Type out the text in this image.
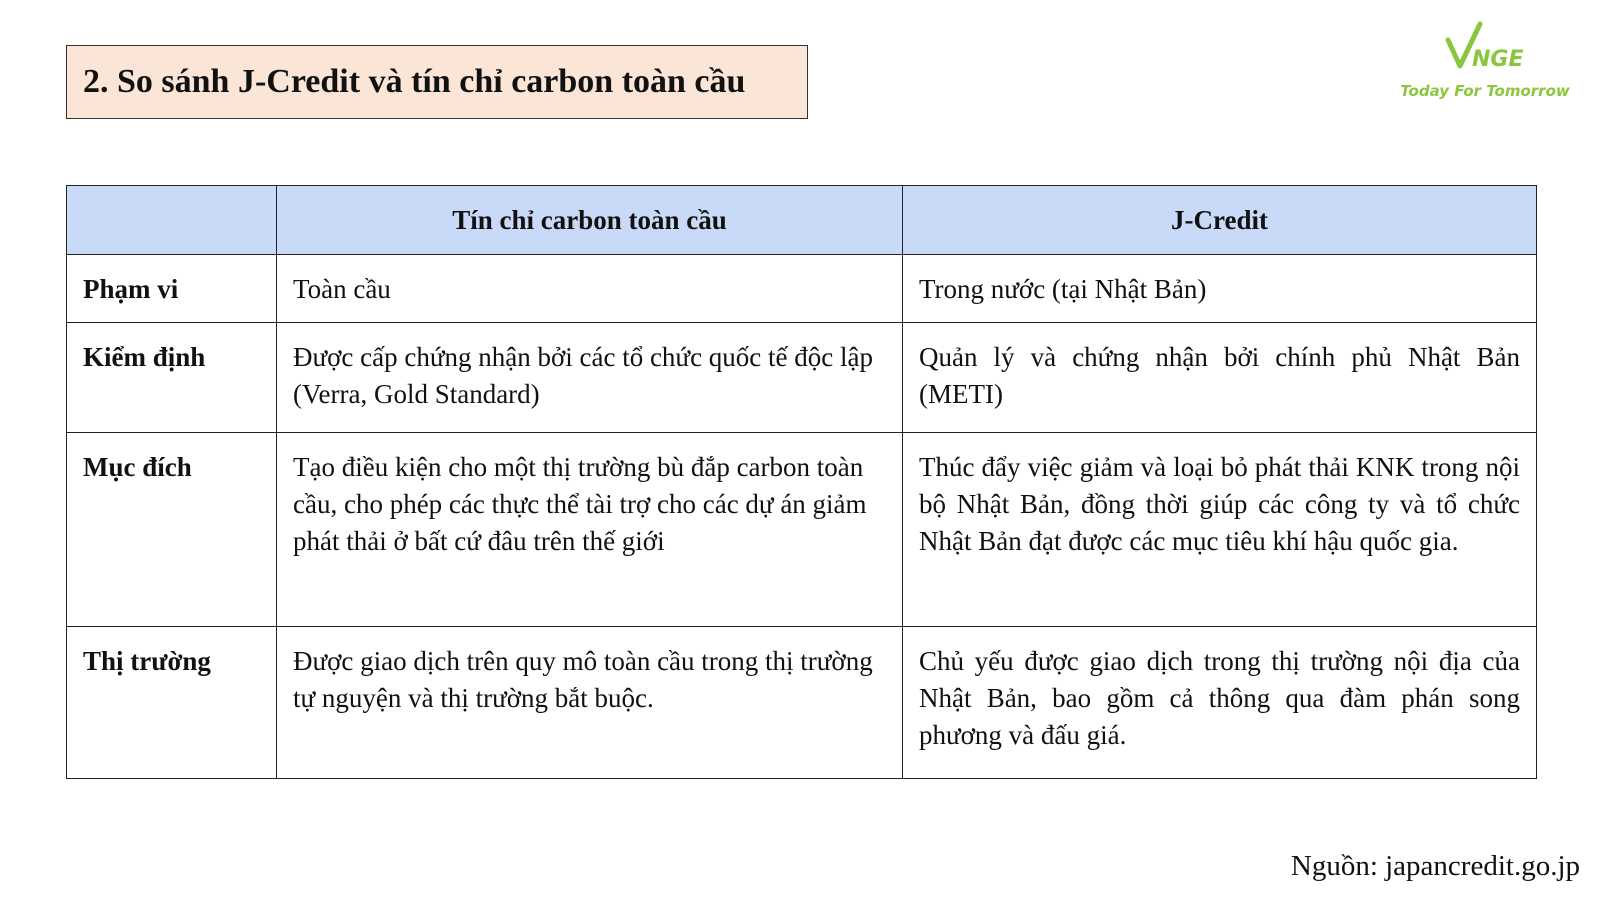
2. So sánh J-Credit và tín chỉ carbon toàn cầu
NGE
Today For Tomorrow
	Tín chỉ carbon toàn cầu	J-Credit
Phạm vi	Toàn cầu	Trong nước (tại Nhật Bản)
Kiểm định	Được cấp chứng nhận bởi các tổ chức quốc tế độc lập (Verra, Gold Standard)	Quản lý và chứng nhận bởi chính phủ Nhật Bản (METI)
Mục đích	Tạo điều kiện cho một thị trường bù đắp carbon toàn cầu, cho phép các thực thể tài trợ cho các dự án giảm phát thải ở bất cứ đâu trên thế giới	Thúc đẩy việc giảm và loại bỏ phát thải KNK trong nội bộ Nhật Bản, đồng thời giúp các công ty và tổ chức Nhật Bản đạt được các mục tiêu khí hậu quốc gia.
Thị trường	Được giao dịch trên quy mô toàn cầu trong thị trường tự nguyện và thị trường bắt buộc.	Chủ yếu được giao dịch trong thị trường nội địa của Nhật Bản, bao gồm cả thông qua đàm phán song phương và đấu giá.
Nguồn: japancredit.go.jp
